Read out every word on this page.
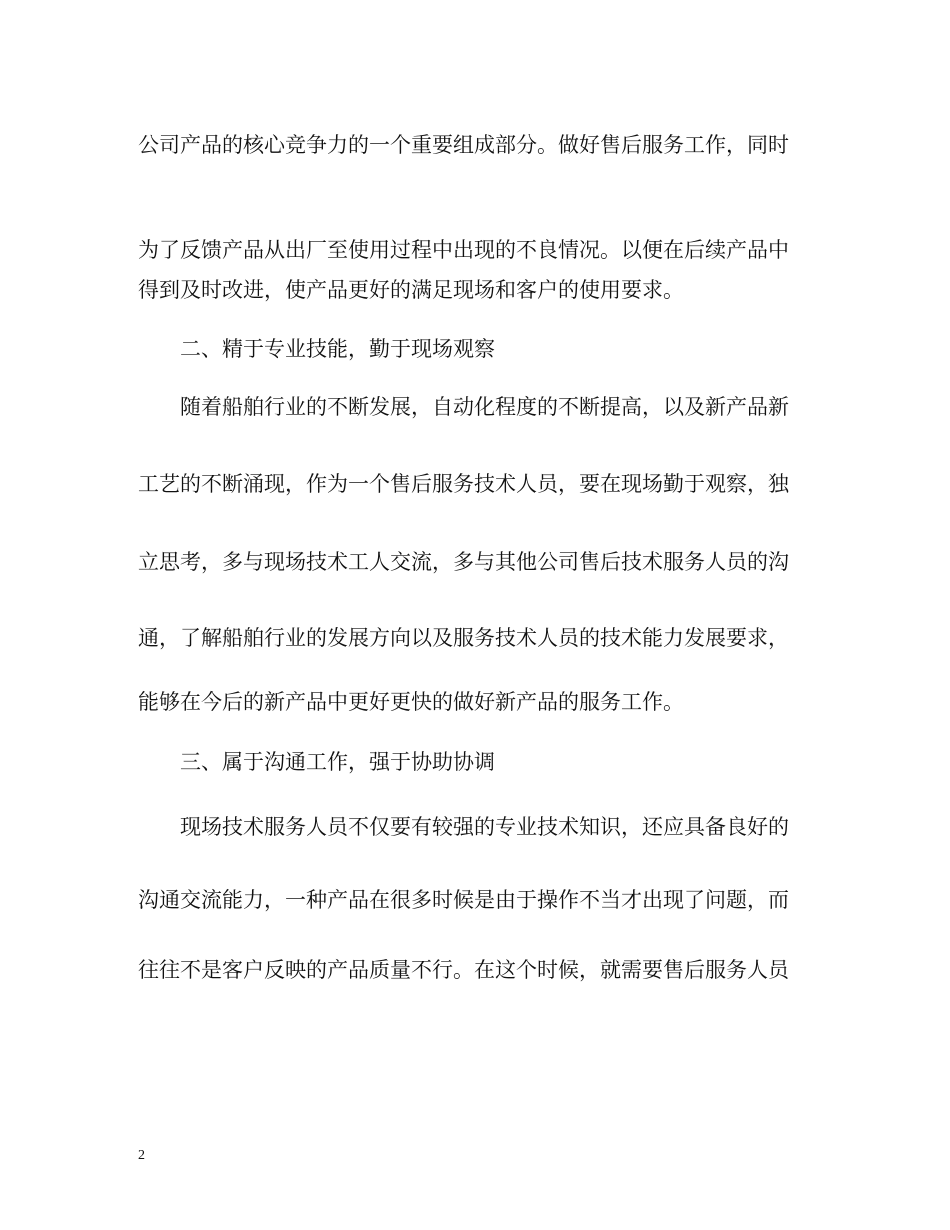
公司产品的核心竞争力的一个重要组成部分。做好售后服务工作，同时
为了反馈产品从出厂至使用过程中出现的不良情况。以便在后续产品中
得到及时改进，使产品更好的满足现场和客户的使用要求。
二、精于专业技能，勤于现场观察
随着船舶行业的不断发展，自动化程度的不断提高，以及新产品新
工艺的不断涌现，作为一个售后服务技术人员，要在现场勤于观察，独
立思考，多与现场技术工人交流，多与其他公司售后技术服务人员的沟
通，了解船舶行业的发展方向以及服务技术人员的技术能力发展要求，
能够在今后的新产品中更好更快的做好新产品的服务工作。
三、属于沟通工作，强于协助协调
现场技术服务人员不仅要有较强的专业技术知识，还应具备良好的
沟通交流能力，一种产品在很多时候是由于操作不当才出现了问题，而
往往不是客户反映的产品质量不行。在这个时候，就需要售后服务人员
2
